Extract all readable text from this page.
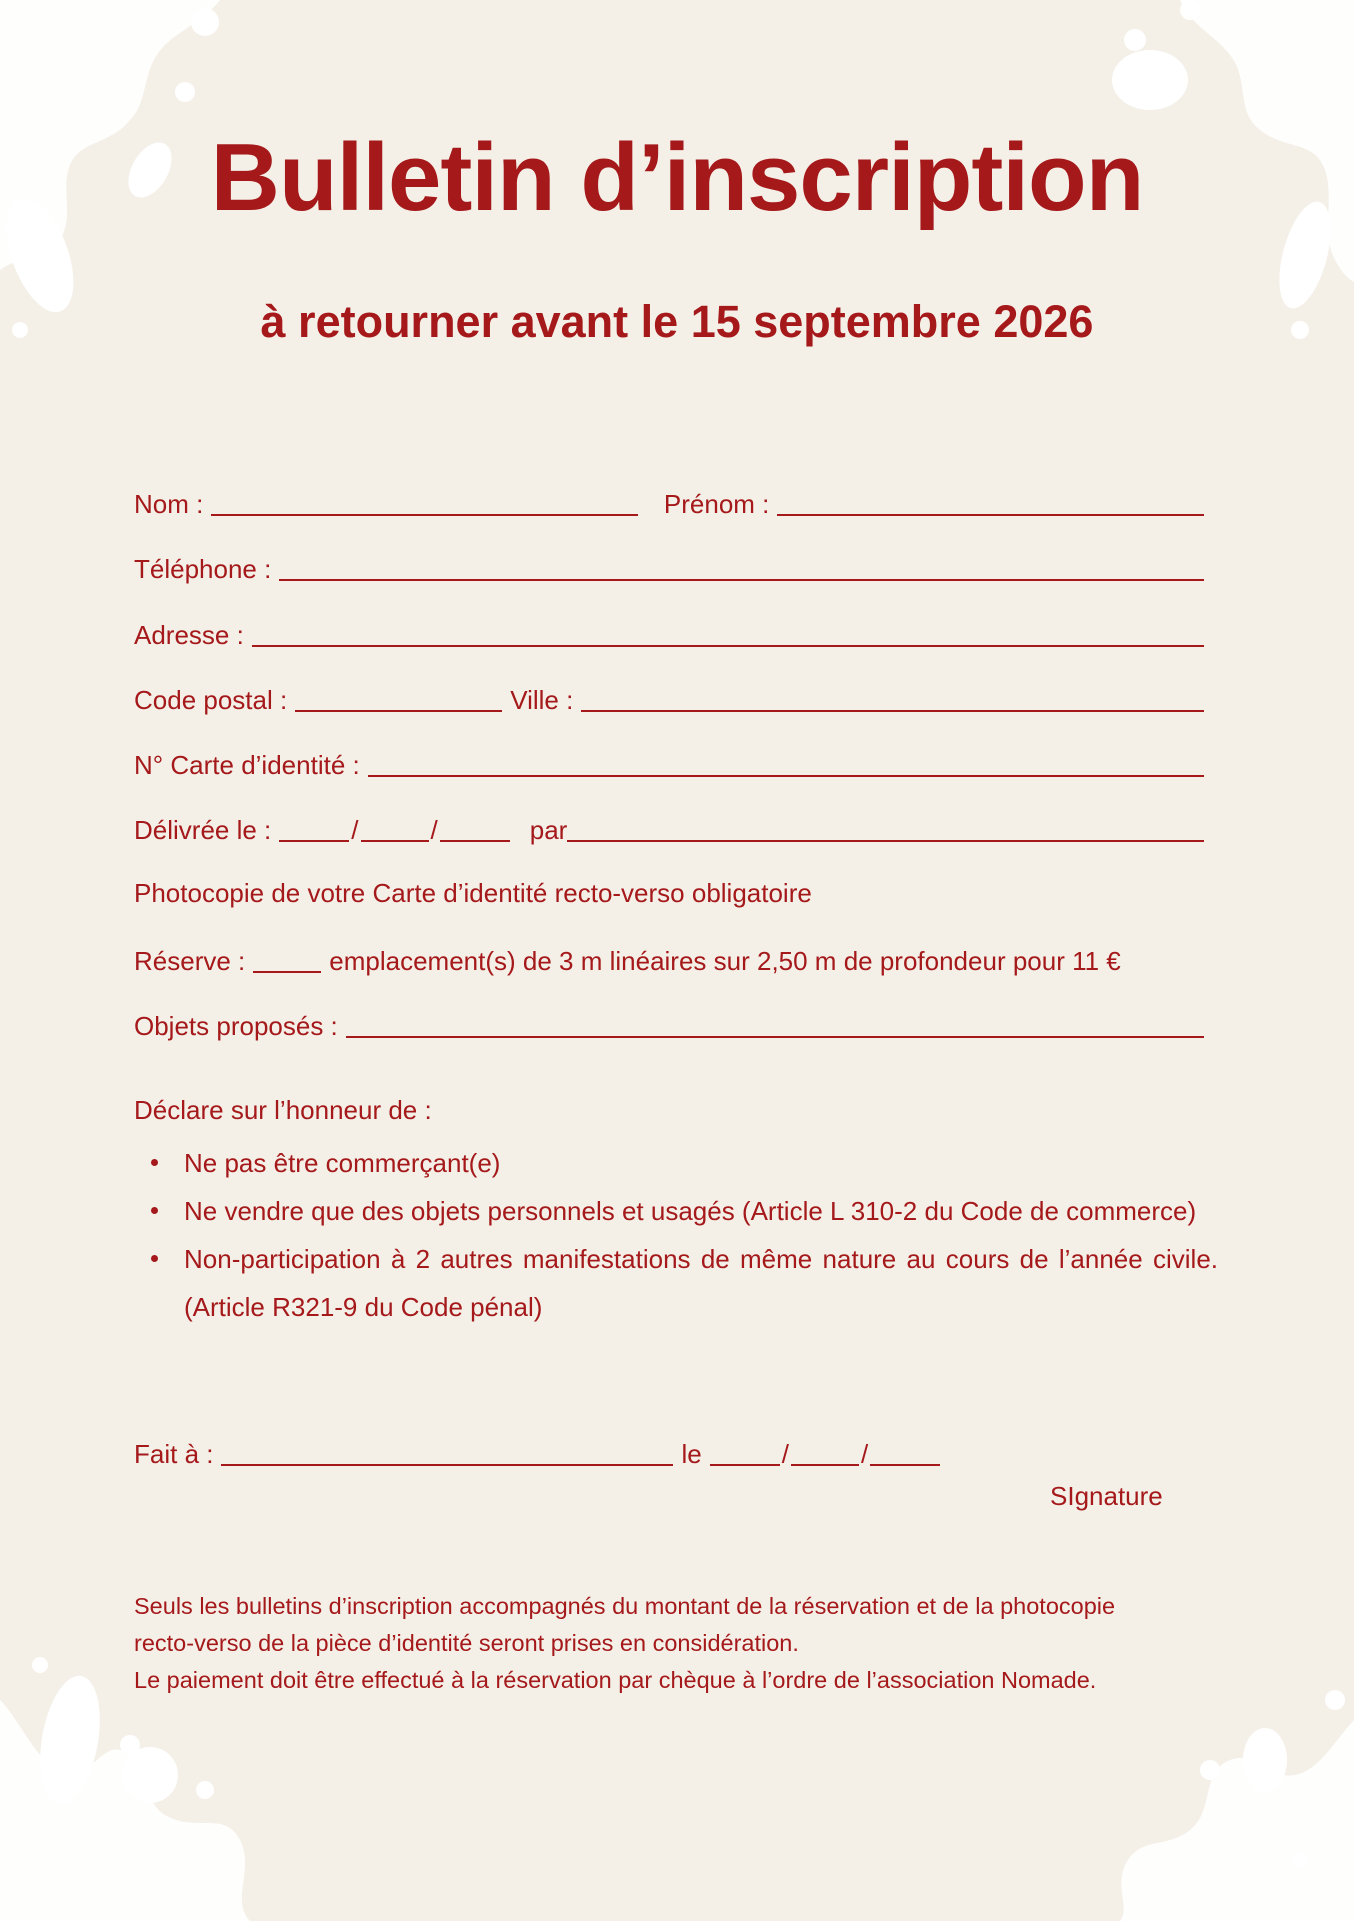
Bulletin d’inscription
à retourner avant le 15 septembre 2026
Nom :	Prénom :
Téléphone :
Adresse :
Code postal :	Ville :
N° Carte d’identité :
Délivrée le :	/	/	par
Photocopie de votre Carte d’identité recto-verso obligatoire
Réserve :	emplacement(s) de 3 m linéaires sur 2,50 m de profondeur pour 11 €
Objets proposés :
Déclare sur l’honneur de :
Ne pas être commerçant(e)
Ne vendre que des objets personnels et usagés (Article L 310-2 du Code de commerce)
Non-participation à 2 autres manifestations de même nature au cours de l’année civile. (Article R321-9 du Code pénal)
Fait à :	le	/	/
SIgnature
Seuls les bulletins d’inscription accompagnés du montant de la réservation et de la photocopie
recto-verso de la pièce d’identité seront prises en considération.
Le paiement doit être effectué à la réservation par chèque à l’ordre de l’association Nomade.
